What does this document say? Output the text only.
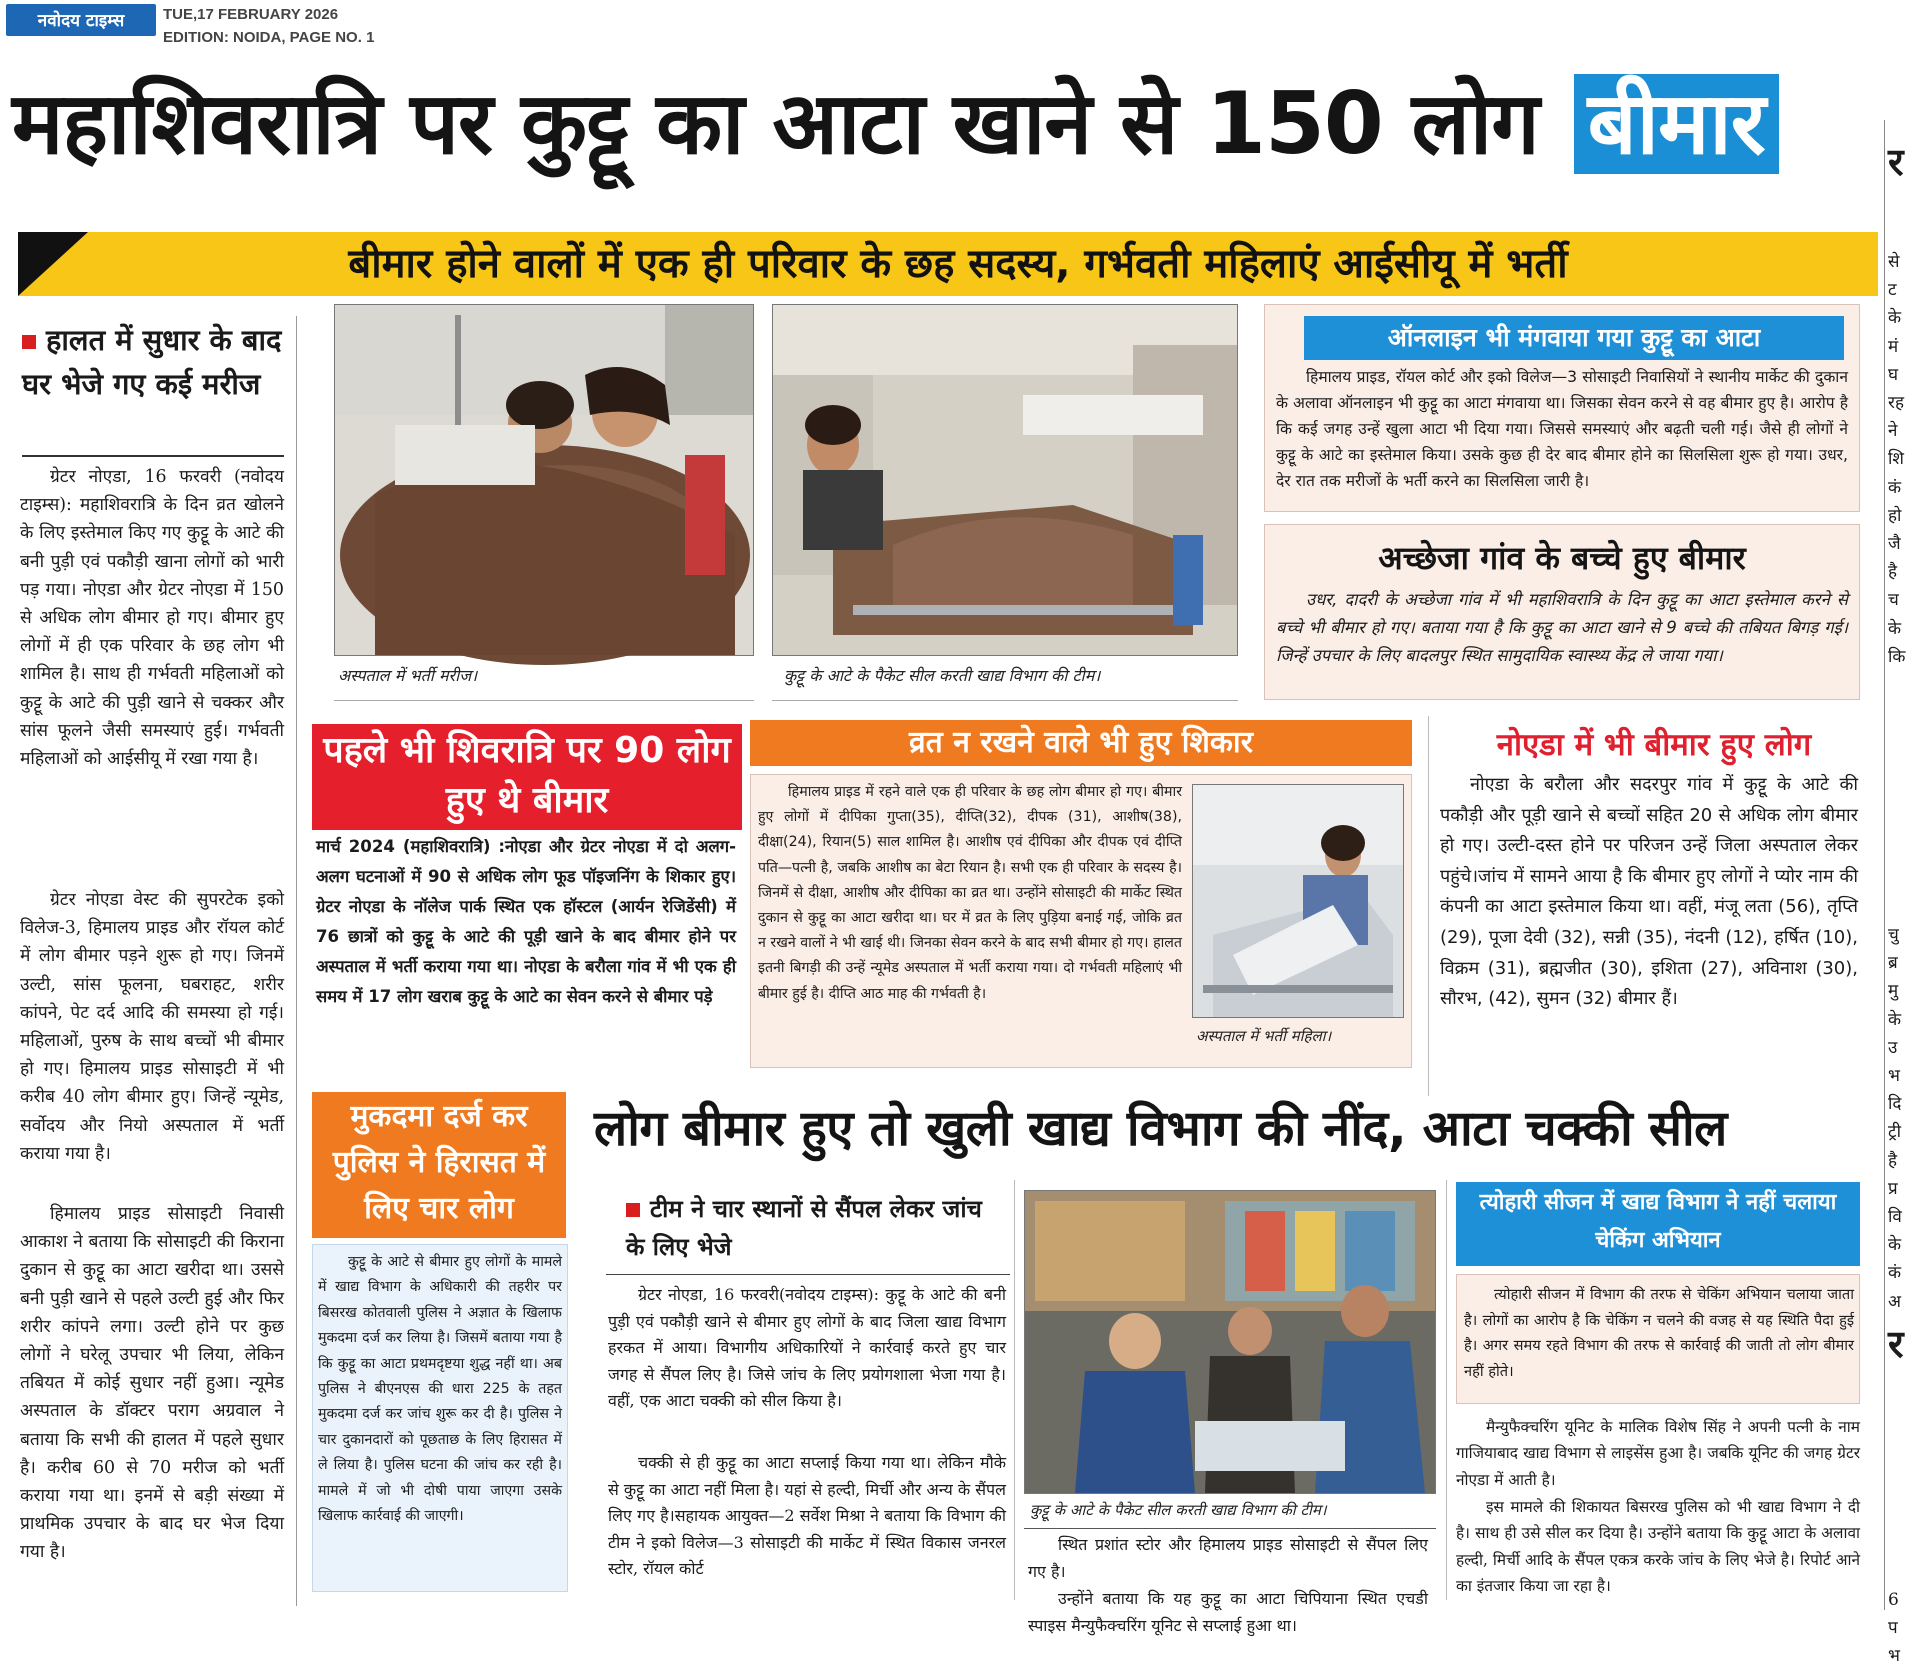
नवोदय टाइम्स	TUE,17 FEBRUARY 2026
EDITION: NOIDA, PAGE NO. 1
महाशिवरात्रि पर कुट्टू का आटा खाने से 150 लोग बीमार
बीमार होने वालों में एक ही परिवार के छह सदस्य, गर्भवती महिलाएं आईसीयू में भर्ती
हालत में सुधार के बाद घर भेजे गए कई मरीज

ग्रेटर नोएडा, 16 फरवरी (नवोदय टाइम्स): महाशिवरात्रि के दिन व्रत खोलने के लिए इस्तेमाल किए गए कुट्टू के आटे की बनी पुड़ी एवं पकौड़ी खाना लोगों को भारी पड़ गया। नोएडा और ग्रेटर नोएडा में 150 से अधिक लोग बीमार हो गए। बीमार हुए लोगों में ही एक परिवार के छह लोग भी शामिल है। साथ ही गर्भवती महिलाओं को कुट्टू के आटे की पुड़ी खाने से चक्कर और सांस फूलने जैसी समस्याएं हुई। गर्भवती महिलाओं को आईसीयू में रखा गया है।

ग्रेटर नोएडा वेस्ट की सुपरटेक इको विलेज-3, हिमालय प्राइड और रॉयल कोर्ट में लोग बीमार पड़ने शुरू हो गए। जिनमें उल्टी, सांस फूलना, घबराहट, शरीर कांपने, पेट दर्द आदि की समस्या हो गई। महिलाओं, पुरुष के साथ बच्चों भी बीमार हो गए। हिमालय प्राइड सोसाइटी में भी करीब 40 लोग बीमार हुए। जिन्हें न्यूमेड, सर्वोदय और नियो अस्पताल में भर्ती कराया गया है।

हिमालय प्राइड सोसाइटी निवासी आकाश ने बताया कि सोसाइटी की किराना दुकान से कुट्टू का आटा खरीदा था। उससे बनी पुड़ी खाने से पहले उल्टी हुई और फिर शरीर कांपने लगा। उल्टी होने पर कुछ लोगों ने घरेलू उपचार भी लिया, लेकिन तबियत में कोई सुधार नहीं हुआ। न्यूमेड अस्पताल के डॉक्टर पराग अग्रवाल ने बताया कि सभी की हालत में पहले सुधार है। करीब 60 से 70 मरीज को भर्ती कराया गया था। इनमें से बड़ी संख्या में प्राथमिक उपचार के बाद घर भेज दिया गया है।

अस्पताल में भर्ती मरीज।	कुट्टू के आटे के पैकेट सील करती खाद्य विभाग की टीम।

ऑनलाइन भी मंगवाया गया कुट्टू का आटा

हिमालय प्राइड, रॉयल कोर्ट और इको विलेज—3 सोसाइटी निवासियों ने स्थानीय मार्केट की दुकान के अलावा ऑनलाइन भी कुट्टू का आटा मंगवाया था। जिसका सेवन करने से वह बीमार हुए है। आरोप है कि कई जगह उन्हें खुला आटा भी दिया गया। जिससे समस्याएं और बढ़ती चली गई। जैसे ही लोगों ने कुट्टू के आटे का इस्तेमाल किया। उसके कुछ ही देर बाद बीमार होने का सिलसिला शुरू हो गया। उधर, देर रात तक मरीजों के भर्ती करने का सिलसिला जारी है।

अच्छेजा गांव के बच्चे हुए बीमार

उधर, दादरी के अच्छेजा गांव में भी महाशिवरात्रि के दिन कुट्टू का आटा इस्तेमाल करने से बच्चे भी बीमार हो गए। बताया गया है कि कुट्टू का आटा खाने से 9 बच्चे की तबियत बिगड़ गई। जिन्हें उपचार के लिए बादलपुर स्थित सामुदायिक स्वास्थ्य केंद्र ले जाया गया।

पहले भी शिवरात्रि पर 90 लोग हुए थे बीमार

मार्च 2024 (महाशिवरात्रि) :नोएडा और ग्रेटर नोएडा में दो अलग-अलग घटनाओं में 90 से अधिक लोग फूड पॉइजनिंग के शिकार हुए। ग्रेटर नोएडा के नॉलेज पार्क स्थित एक हॉस्टल (आर्यन रेजिडेंसी) में 76 छात्रों को कुट्टू के आटे की पूड़ी खाने के बाद बीमार होने पर अस्पताल में भर्ती कराया गया था। नोएडा के बरौला गांव में भी एक ही समय में 17 लोग खराब कुट्टू के आटे का सेवन करने से बीमार पड़े

व्रत न रखने वाले भी हुए शिकार

हिमालय प्राइड में रहने वाले एक ही परिवार के छह लोग बीमार हो गए। बीमार हुए लोगों में दीपिका गुप्ता(35), दीप्ति(32), दीपक (31), आशीष(38), दीक्षा(24), रियान(5) साल शामिल है। आशीष एवं दीपिका और दीपक एवं दीप्ति पति—पत्नी है, जबकि आशीष का बेटा रियान है। सभी एक ही परिवार के सदस्य है। जिनमें से दीक्षा, आशीष और दीपिका का व्रत था। उन्होंने सोसाइटी की मार्केट स्थित दुकान से कुट्टू का आटा खरीदा था। घर में व्रत के लिए पुड़िया बनाई गई, जोकि व्रत न रखने वालों ने भी खाई थी। जिनका सेवन करने के बाद सभी बीमार हो गए। हालत इतनी बिगड़ी की उन्हें न्यूमेड अस्पताल में भर्ती कराया गया। दो गर्भवती महिलाएं भी बीमार हुई है। दीप्ति आठ माह की गर्भवती है।

अस्पताल में भर्ती महिला।

नोएडा में भी बीमार हुए लोग

नोएडा के बरौला और सदरपुर गांव में कुट्टू के आटे की पकौड़ी और पूड़ी खाने से बच्चों सहित 20 से अधिक लोग बीमार हो गए। उल्टी-दस्त होने पर परिजन उन्हें जिला अस्पताल लेकर पहुंचे।जांच में सामने आया है कि बीमार हुए लोगों ने प्योर नाम की कंपनी का आटा इस्तेमाल किया था। वहीं, मंजू लता (56), तृप्ति (29), पूजा देवी (32), सन्नी (35), नंदनी (12), हर्षित (10), विक्रम (31), ब्रह्मजीत (30), इशिता (27), अविनाश (30), सौरभ, (42), सुमन (32) बीमार हैं।

मुकदमा दर्ज कर पुलिस ने हिरासत में लिए चार लोग

कुट्टू के आटे से बीमार हुए लोगों के मामले में खाद्य विभाग के अधिकारी की तहरीर पर बिसरख कोतवाली पुलिस ने अज्ञात के खिलाफ मुकदमा दर्ज कर लिया है। जिसमें बताया गया है कि कुट्टू का आटा प्रथमदृष्टया शुद्ध नहीं था। अब पुलिस ने बीएनएस की धारा 225 के तहत मुकदमा दर्ज कर जांच शुरू कर दी है। पुलिस ने चार दुकानदारों को पूछताछ के लिए हिरासत में ले लिया है। पुलिस घटना की जांच कर रही है। मामले में जो भी दोषी पाया जाएगा उसके खिलाफ कार्रवाई की जाएगी।

लोग बीमार हुए तो खुली खाद्य विभाग की नींद, आटा चक्की सील
टीम ने चार स्थानों से सैंपल लेकर जांच के लिए भेजे

ग्रेटर नोएडा, 16 फरवरी(नवोदय टाइम्स): कुट्टू के आटे की बनी पुड़ी एवं पकौड़ी खाने से बीमार हुए लोगों के बाद जिला खाद्य विभाग हरकत में आया। विभागीय अधिकारियों ने कार्रवाई करते हुए चार जगह से सैंपल लिए है। जिसे जांच के लिए प्रयोगशाला भेजा गया है। वहीं, एक आटा चक्की को सील किया है।

चक्की से ही कुट्टू का आटा सप्लाई किया गया था। लेकिन मौके से कुट्टू का आटा नहीं मिला है। यहां से हल्दी, मिर्ची और अन्य के सैंपल लिए गए है।सहायक आयुक्त—2 सर्वेश मिश्रा ने बताया कि विभाग की टीम ने इको विलेज—3 सोसाइटी की मार्केट में स्थित विकास जनरल स्टोर, रॉयल कोर्ट

कुट्टू के आटे के पैकेट सील करती खाद्य विभाग की टीम।

स्थित प्रशांत स्टोर और हिमालय प्राइड सोसाइटी से सैंपल लिए गए है।

उन्होंने बताया कि यह कुट्टू का आटा चिपियाना स्थित एचडी स्पाइस मैन्युफैक्चरिंग यूनिट से सप्लाई हुआ था।

त्योहारी सीजन में खाद्य विभाग ने नहीं चलाया चेकिंग अभियान

त्योहारी सीजन में विभाग की तरफ से चेकिंग अभियान चलाया जाता है। लोगों का आरोप है कि चेकिंग न चलने की वजह से यह स्थिति पैदा हुई है। अगर समय रहते विभाग की तरफ से कार्रवाई की जाती तो लोग बीमार नहीं होते।

मैन्युफैक्चरिंग यूनिट के मालिक विशेष सिंह ने अपनी पत्नी के नाम गाजियाबाद खाद्य विभाग से लाइसेंस हुआ है। जबकि यूनिट की जगह ग्रेटर नोएडा में आती है।

इस मामले की शिकायत बिसरख पुलिस को भी खाद्य विभाग ने दी है। साथ ही उसे सील कर दिया है। उन्होंने बताया कि कुट्टू आटा के अलावा हल्दी, मिर्ची आदि के सैंपल एकत्र करके जांच के लिए भेजे है। रिपोर्ट आने का इंतजार किया जा रहा है।

र
से
ट
के
मं
घ
रह
ने
शि
कं
हो
जै
है
च
के
कि
चु
ब्र
मु
के
उ
भ
दि
ट्री
है
प्र
वि
के
कं
अ
र
6
प
भ
